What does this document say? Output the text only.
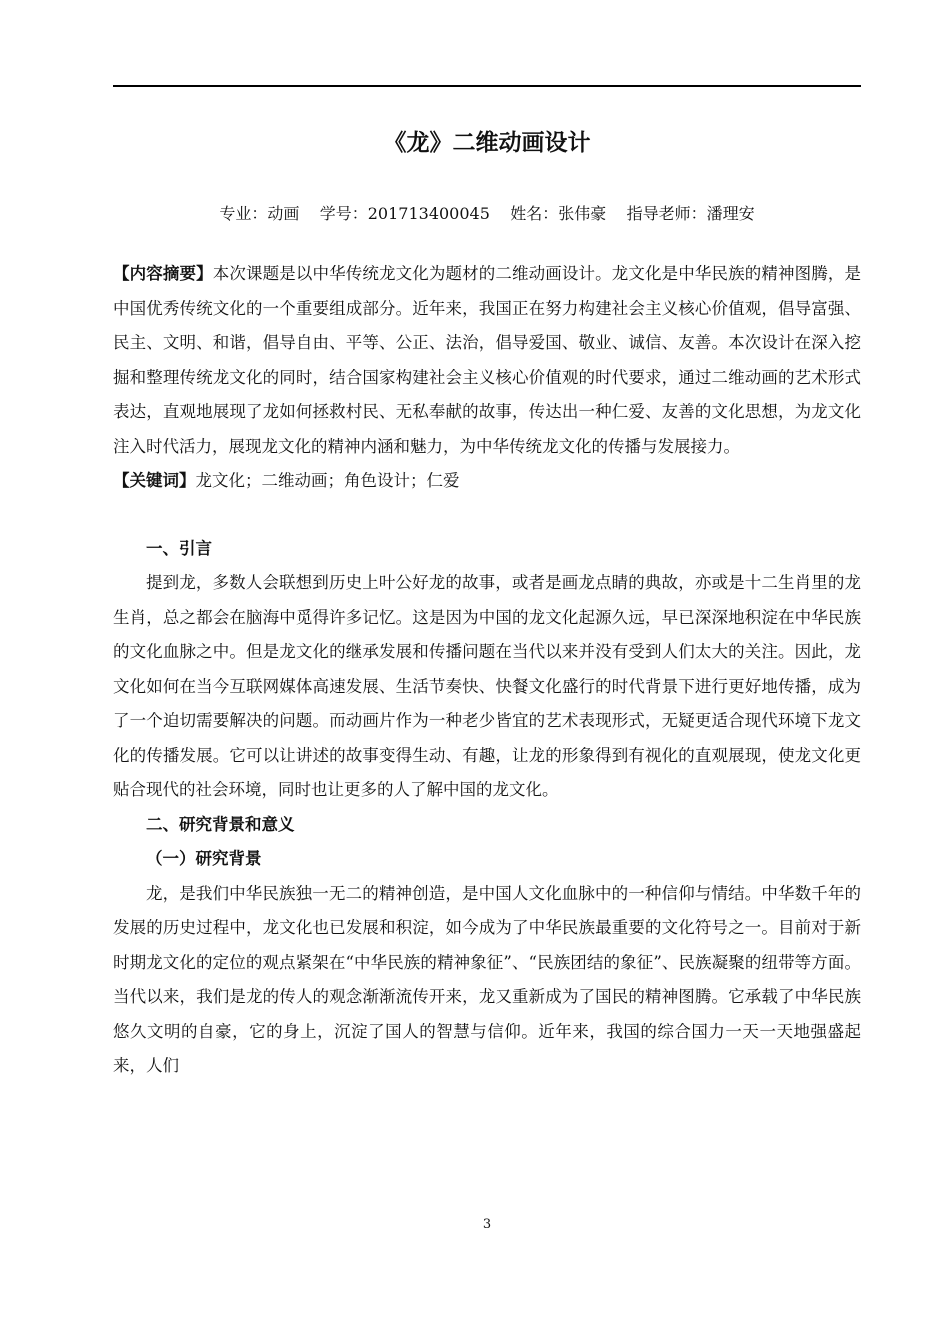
《龙》二维动画设计
专业：动画    学号：201713400045    姓名：张伟豪    指导老师：潘理安

【内容摘要】本次课题是以中华传统龙文化为题材的二维动画设计。龙文化是中华民族的精神图腾，是中国优秀传统文化的一个重要组成部分。近年来，我国正在努力构建社会主义核心价值观，倡导富强、民主、文明、和谐，倡导自由、平等、公正、法治，倡导爱国、敬业、诚信、友善。本次设计在深入挖掘和整理传统龙文化的同时，结合国家构建社会主义核心价值观的时代要求，通过二维动画的艺术形式表达，直观地展现了龙如何拯救村民、无私奉献的故事，传达出一种仁爱、友善的文化思想，为龙文化注入时代活力，展现龙文化的精神内涵和魅力，为中华传统龙文化的传播与发展接力。

【关键词】龙文化；二维动画；角色设计；仁爱

一、引言

提到龙，多数人会联想到历史上叶公好龙的故事，或者是画龙点睛的典故，亦或是十二生肖里的龙生肖，总之都会在脑海中觅得许多记忆。这是因为中国的龙文化起源久远，早已深深地积淀在中华民族的文化血脉之中。但是龙文化的继承发展和传播问题在当代以来并没有受到人们太大的关注。因此，龙文化如何在当今互联网媒体高速发展、生活节奏快、快餐文化盛行的时代背景下进行更好地传播，成为了一个迫切需要解决的问题。而动画片作为一种老少皆宜的艺术表现形式，无疑更适合现代环境下龙文化的传播发展。它可以让讲述的故事变得生动、有趣，让龙的形象得到有视化的直观展现，使龙文化更贴合现代的社会环境，同时也让更多的人了解中国的龙文化。

二、研究背景和意义

（一）研究背景

龙，是我们中华民族独一无二的精神创造，是中国人文化血脉中的一种信仰与情结。中华数千年的发展的历史过程中，龙文化也已发展和积淀，如今成为了中华民族最重要的文化符号之一。目前对于新时期龙文化的定位的观点紧架在“中华民族的精神象征”、“民族团结的象征”、民族凝聚的纽带等方面。当代以来，我们是龙的传人的观念渐渐流传开来，龙又重新成为了国民的精神图腾。它承载了中华民族悠久文明的自豪，它的身上，沉淀了国人的智慧与信仰。近年来，我国的综合国力一天一天地强盛起来，人们

3
